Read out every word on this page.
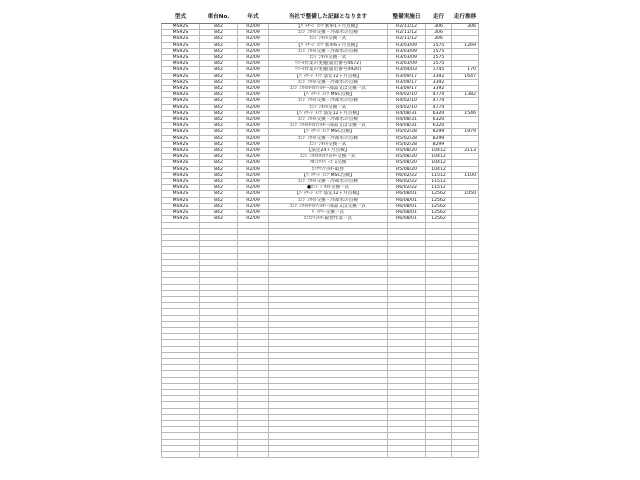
型式	車台No.	年式	当社で整備した記録となります	整備実施日	走行	走行推移
MS92S	842	R2/09	【ﾊﾟｯｹｰｼﾞﾒﾝﾃ 新車1ヶ月点検】	R2/11/12	306	306
MS92S	842	R2/09	ｴﾝｼﾞﾝｵｲﾙ交換・冷却水の点検	R2/11/12	306	
MS92S	842	R2/09	ｴﾝｼﾞﾝｵｲﾙ交換一式	R2/11/12	306	
MS92S	842	R2/09	【ﾊﾟｯｹｰｼﾞﾒﾝﾃ 新車6ヶ月点検】	R3/03/09	1575	1269
MS92S	842	R2/09	ｴﾝｼﾞﾝｵｲﾙ交換・冷却水の点検	R3/03/09	1575	
MS92S	842	R2/09	ｴﾝｼﾞﾝｵｲﾙ交換一式	R3/03/09	1575	
MS92S	842	R2/09	ﾘｺｰﾙ作業の実施[届出番号4672]	R3/03/09	1575	
MS92S	842	R2/09	ﾘｺｰﾙ作業の実施[届出番号4920]	R3/04/03	1745	170
MS92S	842	R2/09	【ﾊﾟｯｹｰｼﾞﾒﾝﾃ 法定12ヶ月点検】	R3/09/17	3392	1647
MS92S	842	R2/09	ｴﾝｼﾞﾝｵｲﾙ交換・冷却水の点検	R3/09/17	3392	
MS92S	842	R2/09	ｴﾝｼﾞﾝｵｲﾙｵｲﾙﾌｨﾙﾀｰ･部品又は交換一式	R3/09/17	3392	
MS92S	842	R2/09	【ﾊﾟｯｹｰｼﾞﾒﾝﾃ MSC点検】	R4/02/10	4774	1382
MS92S	842	R2/09	ｴﾝｼﾞﾝｵｲﾙ交換・冷却水の点検	R4/02/10	4774	
MS92S	842	R2/09	ｴﾝｼﾞﾝｵｲﾙ交換一式	R4/02/10	4774	
MS92S	842	R2/09	【ﾊﾟｯｹｰｼﾞﾒﾝﾃ 法定12ヶ月点検】	R4/08/31	6320	1546
MS92S	842	R2/09	ｴﾝｼﾞﾝｵｲﾙ交換・冷却水の点検	R4/08/31	6320	
MS92S	842	R2/09	ｴﾝｼﾞﾝｵｲﾙｵｲﾙﾌｨﾙﾀｰ･部品又は交換一式	R4/08/31	6320	
MS92S	842	R2/09	【ﾊﾟｯｹｰｼﾞﾒﾝﾃ MSC点検】	R5/02/28	8299	1979
MS92S	842	R2/09	ｴﾝｼﾞﾝｵｲﾙ交換・冷却水の点検	R5/02/28	8299	
MS92S	842	R2/09	ｴﾝｼﾞﾝｵｲﾙ交換一式	R5/02/28	8299	
MS92S	842	R2/09	【法定24ヶ月点検】	R5/08/20	10412	2113
MS92S	842	R2/09	ｴﾝｼﾞﾝｵｲﾙｵｲﾙﾌｨﾙﾀｰ交換一式	R5/08/20	10412	
MS92S	842	R2/09	ﾌﾛﾝﾄﾜｲﾊﾟｰｺﾞﾑ交換	R5/08/20	10412	
MS92S	842	R2/09	ｴｱｸﾘﾝﾌｨﾙﾀｰ取替	R5/08/20	10412	
MS92S	842	R2/09	【ﾊﾟｯｹｰｼﾞﾒﾝﾃ MSC点検】	R6/02/22	11512	1100
MS92S	842	R2/09	ｴﾝｼﾞﾝｵｲﾙ交換・冷却水の点検	R6/02/22	11512	
MS92S	842	R2/09	●ｴﾝｼﾞﾝ ｵｲﾙ交換一式	R6/02/22	11512	
MS92S	842	R2/09	【ﾊﾟｯｹｰｼﾞﾒﾝﾃ 法定12ヶ月点検】	R6/08/01	12562	1050
MS92S	842	R2/09	ｴﾝｼﾞﾝｵｲﾙ交換・冷却水の点検	R6/08/01	12562	
MS92S	842	R2/09	ｴﾝｼﾞﾝｵｲﾙｵｲﾙﾌｨﾙﾀｰ･部品又は交換一式	R6/08/01	12562	
MS92S	842	R2/09	ﾊﾞｯﾃﾘｰ交換一式	R6/08/01	12562	
MS92S	842	R2/09	ｴｱｺﾝﾌｨﾙﾀｰ取替作業一式	R6/08/01	12562	
